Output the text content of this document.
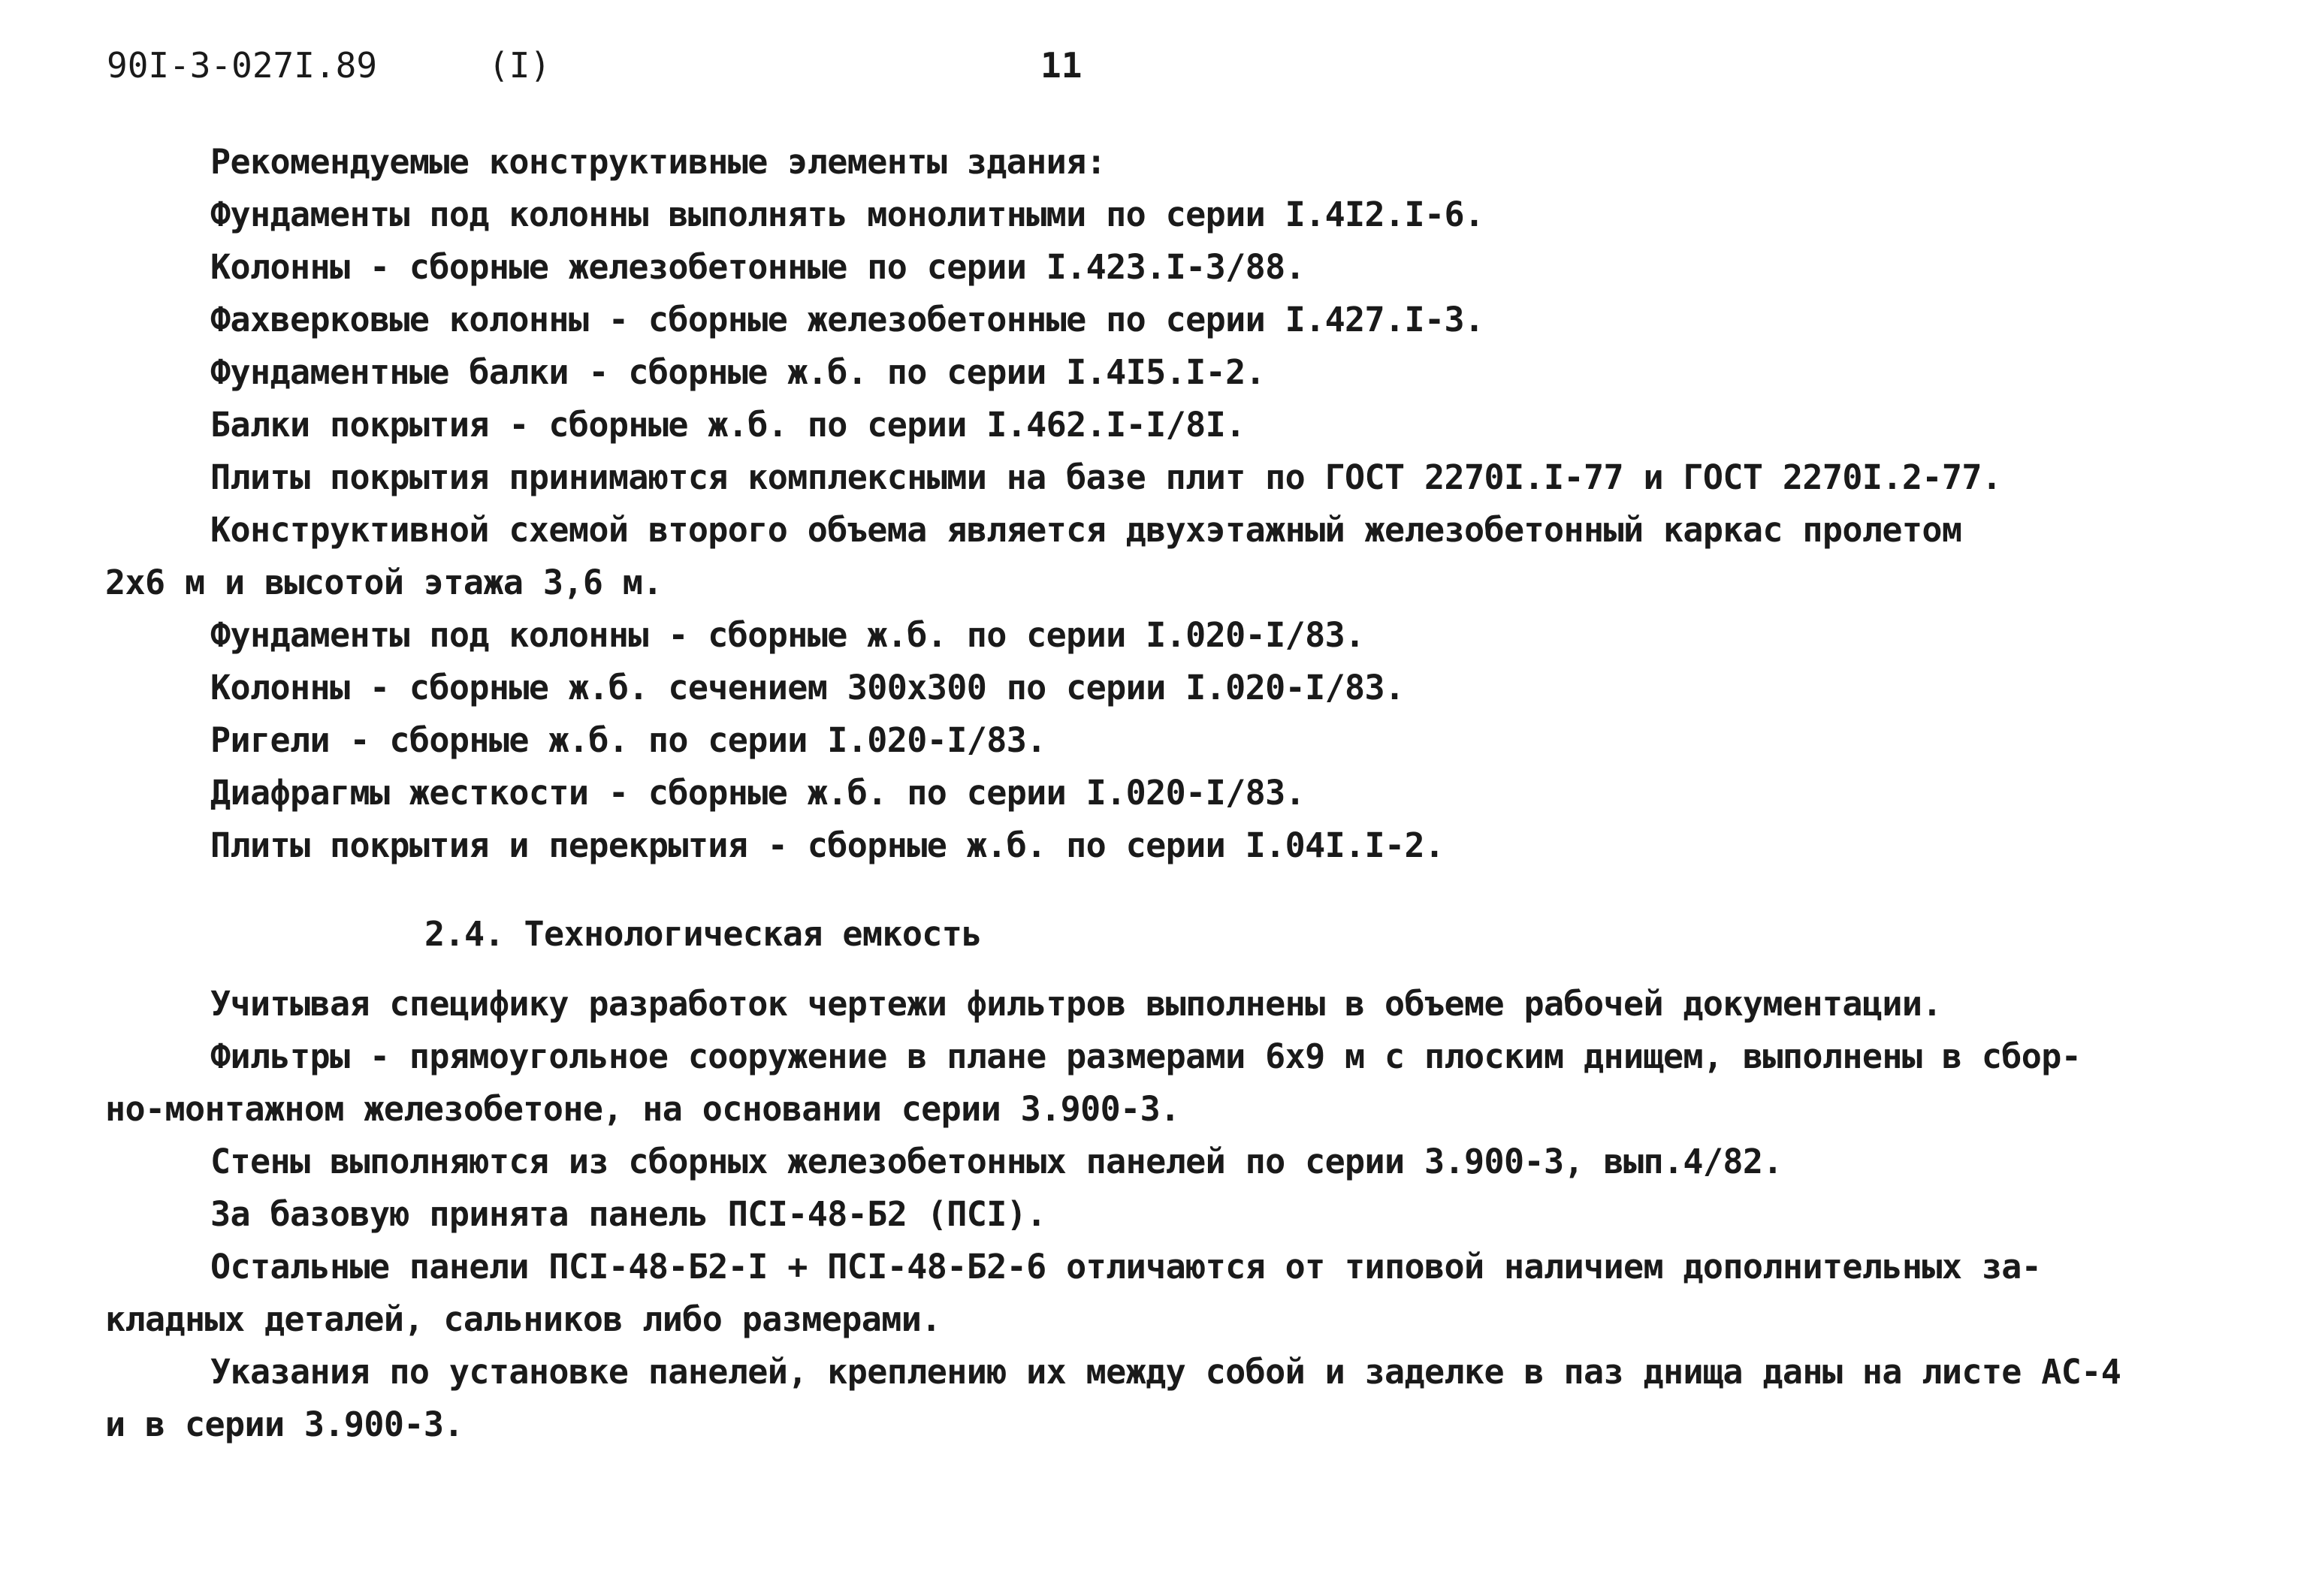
90I-3-027I.89	(I)	11
Рекомендуемые конструктивные элементы здания:
Фундаменты под колонны выполнять монолитными по серии I.4I2.I-6.
Колонны - сборные железобетонные по серии I.423.I-3/88.
Фахверковые колонны - сборные железобетонные по серии I.427.I-3.
Фундаментные балки - сборные ж.б. по серии I.4I5.I-2.
Балки покрытия - сборные ж.б. по серии I.462.I-I/8I.
Плиты покрытия принимаются комплексными на базе плит по ГОСТ 2270I.I-77 и ГОСТ 2270I.2-77.
Конструктивной схемой второго объема является двухэтажный железобетонный каркас пролетом
2х6 м и высотой этажа 3,6 м.
Фундаменты под колонны - сборные ж.б. по серии I.020-I/83.
Колонны - сборные ж.б. сечением 300х300 по серии I.020-I/83.
Ригели - сборные ж.б. по серии I.020-I/83.
Диафрагмы жесткости - сборные ж.б. по серии I.020-I/83.
Плиты покрытия и перекрытия - сборные ж.б. по серии I.04I.I-2.
2.4. Технологическая емкость
Учитывая специфику разработок чертежи фильтров выполнены в объеме рабочей документации.
Фильтры - прямоугольное сооружение в плане размерами 6х9 м с плоским днищем, выполнены в сбор-
но-монтажном железобетоне, на основании серии 3.900-3.
Стены выполняются из сборных железобетонных панелей по серии 3.900-3, вып.4/82.
За базовую принята панель ПСI-48-Б2 (ПСI).
Остальные панели ПСI-48-Б2-I + ПСI-48-Б2-6 отличаются от типовой наличием дополнительных за-
кладных деталей, сальников либо размерами.
Указания по установке панелей, креплению их между собой и заделке в паз днища даны на листе АС-4
и в серии 3.900-3.
